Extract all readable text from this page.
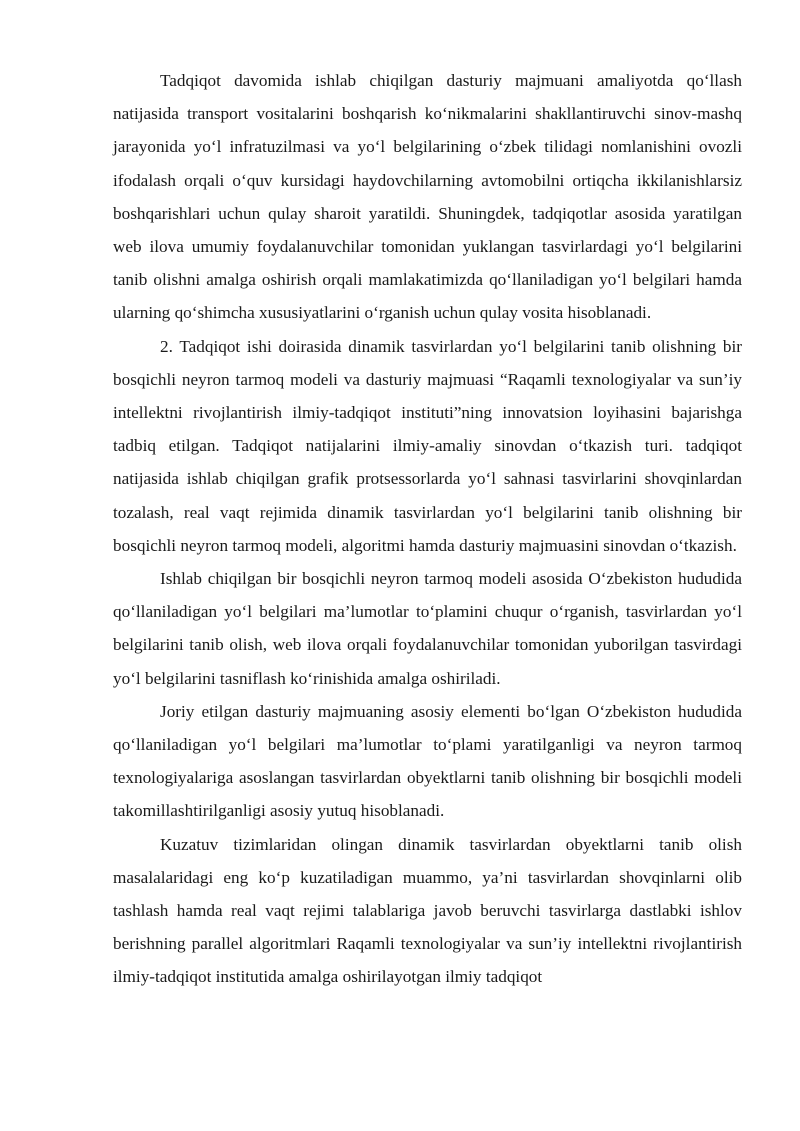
Tadqiqot davomida ishlab chiqilgan dasturiy majmuani amaliyotda qo‘llash natijasida transport vositalarini boshqarish ko‘nikmalarini shakllantiruvchi sinov-mashq jarayonida yo‘l infratuzilmasi va yo‘l belgilarining o‘zbek tilidagi nomlanishini ovozli ifodalash orqali o‘quv kursidagi haydovchilarning avtomobilni ortiqcha ikkilanishlarsiz boshqarishlari uchun qulay sharoit yaratildi. Shuningdek, tadqiqotlar asosida yaratilgan web ilova umumiy foydalanuvchilar tomonidan yuklangan tasvirlardagi yo‘l belgilarini tanib olishni amalga oshirish orqali mamlakatimizda qo‘llaniladigan yo‘l belgilari hamda ularning qo‘shimcha xususiyatlarini o‘rganish uchun qulay vosita hisoblanadi.

2. Tadqiqot ishi doirasida dinamik tasvirlardan yo‘l belgilarini tanib olishning bir bosqichli neyron tarmoq modeli va dasturiy majmuasi “Raqamli texnologiyalar va sun’iy intellektni rivojlantirish ilmiy-tadqiqot instituti”ning innovatsion loyihasini bajarishga tadbiq etilgan. Tadqiqot natijalarini ilmiy-amaliy sinovdan o‘tkazish turi. tadqiqot natijasida ishlab chiqilgan grafik protsessorlarda yo‘l sahnasi tasvirlarini shovqinlardan tozalash, real vaqt rejimida dinamik tasvirlardan yo‘l belgilarini tanib olishning bir bosqichli neyron tarmoq modeli, algoritmi hamda dasturiy majmuasini sinovdan o‘tkazish.

Ishlab chiqilgan bir bosqichli neyron tarmoq modeli asosida O‘zbekiston hududida qo‘llaniladigan yo‘l belgilari ma’lumotlar to‘plamini chuqur o‘rganish, tasvirlardan yo‘l belgilarini tanib olish, web ilova orqali foydalanuvchilar tomonidan yuborilgan tasvirdagi yo‘l belgilarini tasniflash ko‘rinishida amalga oshiriladi.

Joriy etilgan dasturiy majmuaning asosiy elementi bo‘lgan O‘zbekiston hududida qo‘llaniladigan yo‘l belgilari ma’lumotlar to‘plami yaratilganligi va neyron tarmoq texnologiyalariga asoslangan tasvirlardan obyektlarni tanib olishning bir bosqichli modeli takomillashtirilganligi asosiy yutuq hisoblanadi.

Kuzatuv tizimlaridan olingan dinamik tasvirlardan obyektlarni tanib olish masalalaridagi eng ko‘p kuzatiladigan muammo, ya’ni tasvirlardan shovqinlarni olib tashlash hamda real vaqt rejimi talablariga javob beruvchi tasvirlarga dastlabki ishlov berishning parallel algoritmlari Raqamli texnologiyalar va sun’iy intellektni rivojlantirish ilmiy-tadqiqot institutida amalga oshirilayotgan ilmiy tadqiqot
